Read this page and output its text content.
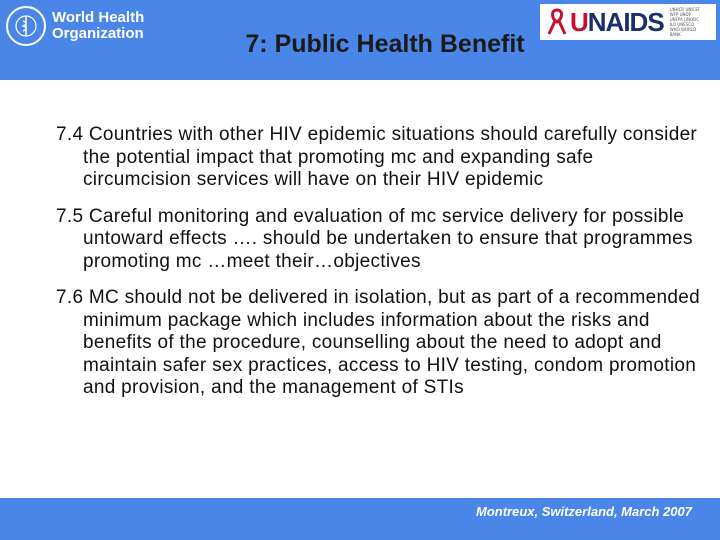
World Health
Organization	UNAIDS UNHCR UNICEF WFP UNDP UNFPA UNODC ILO UNESCO WHO WORLD BANK
7: Public Health Benefit
7.4 Countries with other HIV epidemic situations should carefully consider the potential impact that promoting mc and expanding safe circumcision services will have on their HIV epidemic
7.5 Careful monitoring and evaluation of mc service delivery for possible untoward effects …. should be undertaken to ensure that programmes promoting mc …meet their…objectives
7.6 MC should not be delivered in isolation, but as part of a recommended minimum package which includes information about the risks and benefits of the procedure, counselling about the need to adopt and maintain safer sex practices, access to HIV testing, condom promotion and provision, and the management of STIs
Montreux, Switzerland, March 2007
